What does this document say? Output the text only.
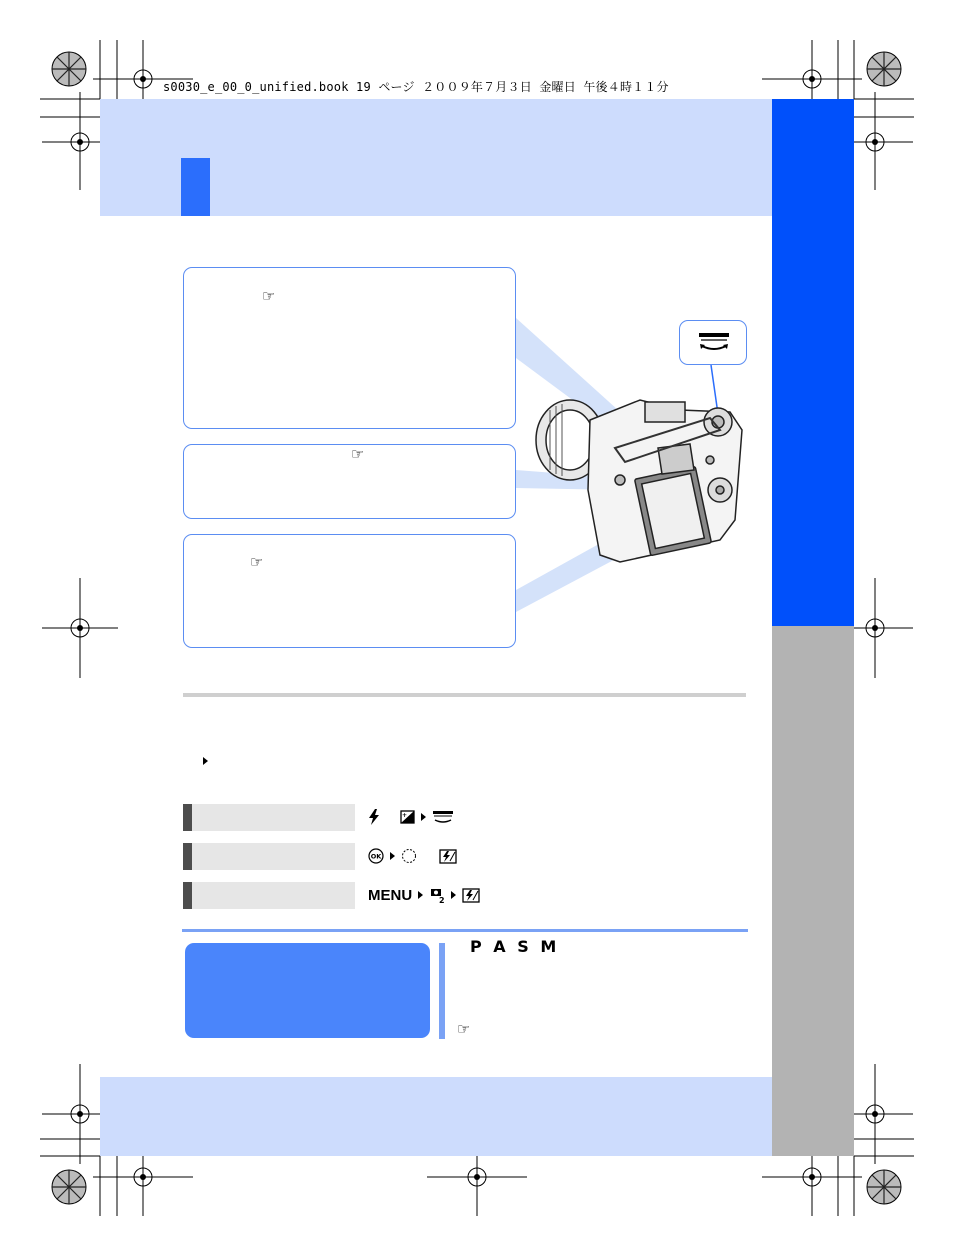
s0030_e_00_0_unified.book 19 ページ ２００９年７月３日 金曜日 午後４時１１分
☞
☞
☞
+
OK
MENU	2
P A S M
☞
